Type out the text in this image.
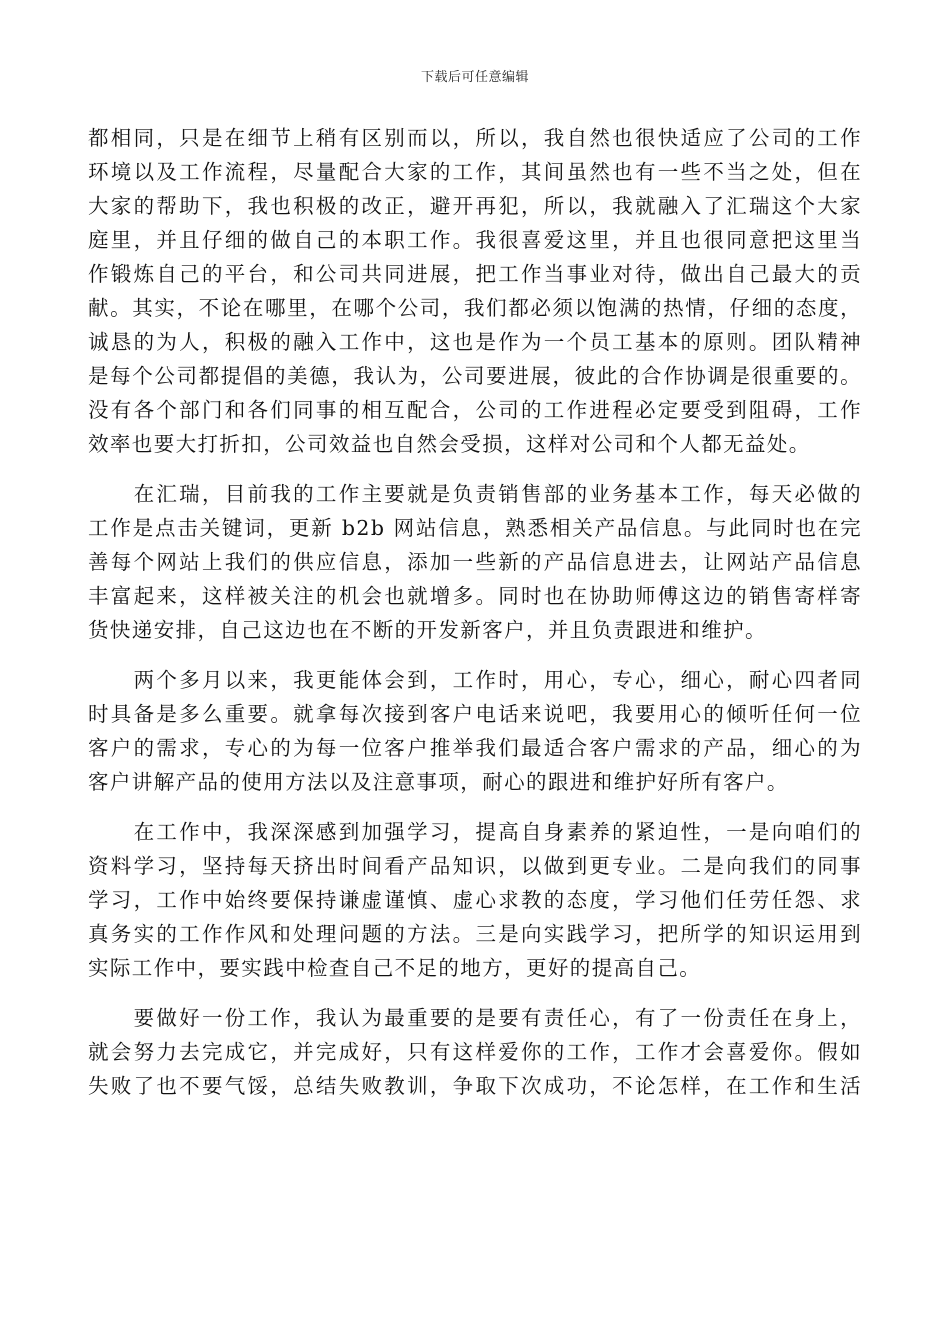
下载后可任意编辑
都相同，只是在细节上稍有区别而以，所以，我自然也很快适应了公司的工作
环境以及工作流程，尽量配合大家的工作，其间虽然也有一些不当之处，但在
大家的帮助下，我也积极的改正，避开再犯，所以，我就融入了汇瑞这个大家
庭里，并且仔细的做自己的本职工作。我很喜爱这里，并且也很同意把这里当
作锻炼自己的平台，和公司共同进展，把工作当事业对待，做出自己最大的贡
献。其实，不论在哪里，在哪个公司，我们都必须以饱满的热情，仔细的态度，
诚恳的为人，积极的融入工作中，这也是作为一个员工基本的原则。团队精神
是每个公司都提倡的美德，我认为，公司要进展，彼此的合作协调是很重要的。
没有各个部门和各们同事的相互配合，公司的工作进程必定要受到阻碍，工作
效率也要大打折扣，公司效益也自然会受损，这样对公司和个人都无益处。
　　在汇瑞，目前我的工作主要就是负责销售部的业务基本工作，每天必做的
工作是点击关键词，更新 b2b 网站信息，熟悉相关产品信息。与此同时也在完
善每个网站上我们的供应信息，添加一些新的产品信息进去，让网站产品信息
丰富起来，这样被关注的机会也就增多。同时也在协助师傅这边的销售寄样寄
货快递安排，自己这边也在不断的开发新客户，并且负责跟进和维护。
　　两个多月以来，我更能体会到，工作时，用心，专心，细心，耐心四者同
时具备是多么重要。就拿每次接到客户电话来说吧，我要用心的倾听任何一位
客户的需求，专心的为每一位客户推举我们最适合客户需求的产品，细心的为
客户讲解产品的使用方法以及注意事项，耐心的跟进和维护好所有客户。
　　在工作中，我深深感到加强学习，提高自身素养的紧迫性，一是向咱们的
资料学习，坚持每天挤出时间看产品知识，以做到更专业。二是向我们的同事
学习，工作中始终要保持谦虚谨慎、虚心求教的态度，学习他们任劳任怨、求
真务实的工作作风和处理问题的方法。三是向实践学习，把所学的知识运用到
实际工作中，要实践中检查自己不足的地方，更好的提高自己。
　　要做好一份工作，我认为最重要的是要有责任心，有了一份责任在身上，
就会努力去完成它，并完成好，只有这样爱你的工作，工作才会喜爱你。假如
失败了也不要气馁，总结失败教训，争取下次成功，不论怎样，在工作和生活
